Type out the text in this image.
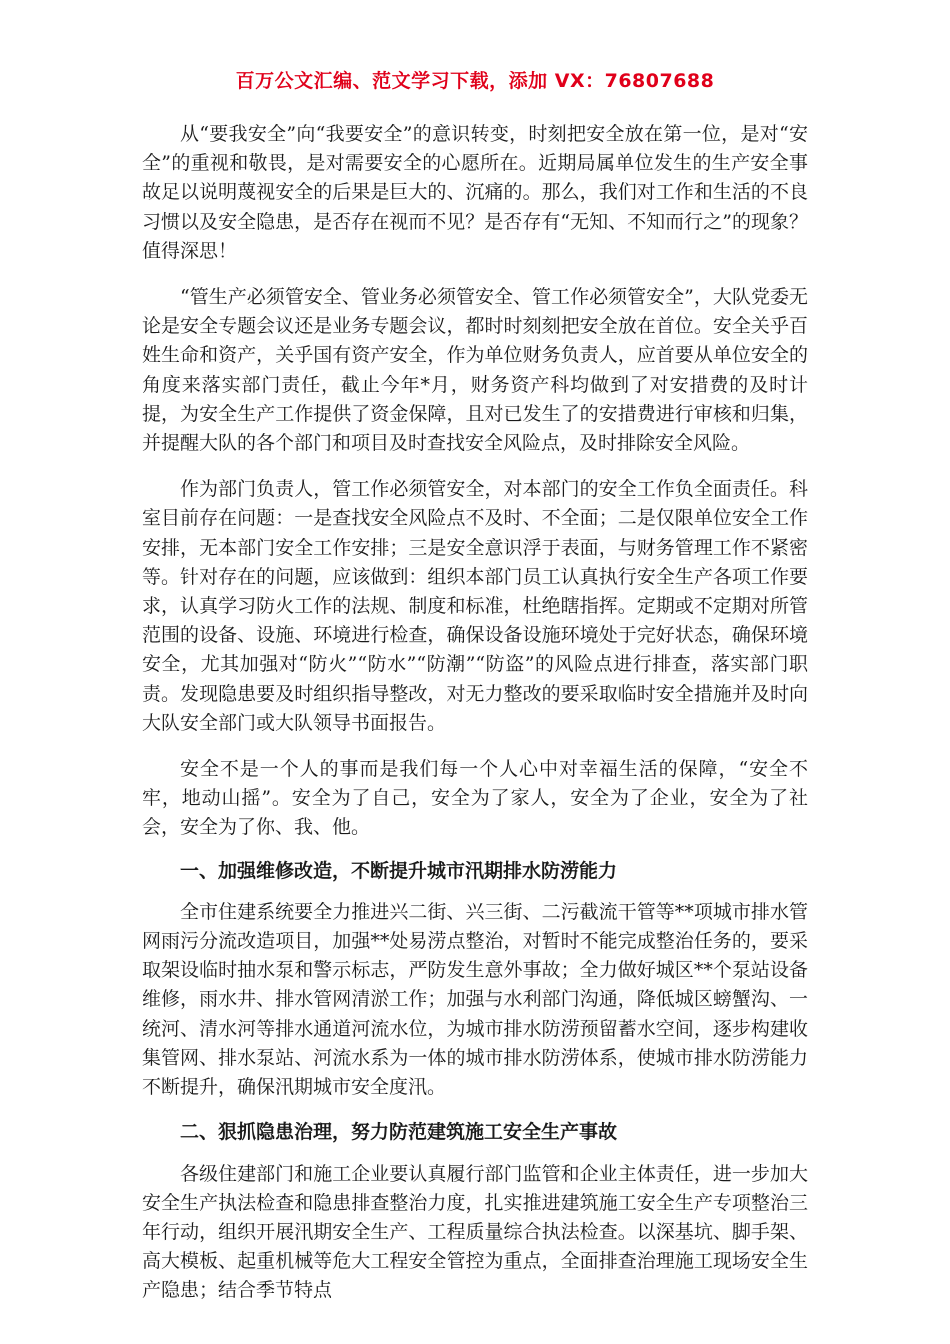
百万公文汇编、范文学习下载，添加 VX：76807688

从“要我安全”向“我要安全”的意识转变，时刻把安全放在第一位，是对“安全”的重视和敬畏，是对需要安全的心愿所在。近期局属单位发生的生产安全事故足以说明蔑视安全的后果是巨大的、沉痛的。那么，我们对工作和生活的不良习惯以及安全隐患，是否存在视而不见？是否存有“无知、不知而行之”的现象？值得深思！

“管生产必须管安全、管业务必须管安全、管工作必须管安全”，大队党委无论是安全专题会议还是业务专题会议，都时时刻刻把安全放在首位。安全关乎百姓生命和资产，关乎国有资产安全，作为单位财务负责人，应首要从单位安全的角度来落实部门责任，截止今年*月，财务资产科均做到了对安措费的及时计提，为安全生产工作提供了资金保障，且对已发生了的安措费进行审核和归集，并提醒大队的各个部门和项目及时查找安全风险点，及时排除安全风险。

作为部门负责人，管工作必须管安全，对本部门的安全工作负全面责任。科室目前存在问题：一是查找安全风险点不及时、不全面；二是仅限单位安全工作安排，无本部门安全工作安排；三是安全意识浮于表面，与财务管理工作不紧密等。针对存在的问题，应该做到：组织本部门员工认真执行安全生产各项工作要求，认真学习防火工作的法规、制度和标准，杜绝瞎指挥。定期或不定期对所管范围的设备、设施、环境进行检查，确保设备设施环境处于完好状态，确保环境安全，尤其加强对“防火”“防水”“防潮”“防盗”的风险点进行排查，落实部门职责。发现隐患要及时组织指导整改，对无力整改的要采取临时安全措施并及时向大队安全部门或大队领导书面报告。

安全不是一个人的事而是我们每一个人心中对幸福生活的保障，“安全不牢，地动山摇”。安全为了自己，安全为了家人，安全为了企业，安全为了社会，安全为了你、我、他。

一、加强维修改造，不断提升城市汛期排水防涝能力

全市住建系统要全力推进兴二街、兴三街、二污截流干管等**项城市排水管网雨污分流改造项目，加强**处易涝点整治，对暂时不能完成整治任务的，要采取架设临时抽水泵和警示标志，严防发生意外事故；全力做好城区**个泵站设备维修，雨水井、排水管网清淤工作；加强与水利部门沟通，降低城区螃蟹沟、一统河、清水河等排水通道河流水位，为城市排水防涝预留蓄水空间，逐步构建收集管网、排水泵站、河流水系为一体的城市排水防涝体系，使城市排水防涝能力不断提升，确保汛期城市安全度汛。

二、狠抓隐患治理，努力防范建筑施工安全生产事故

各级住建部门和施工企业要认真履行部门监管和企业主体责任，进一步加大安全生产执法检查和隐患排查整治力度，扎实推进建筑施工安全生产专项整治三年行动，组织开展汛期安全生产、工程质量综合执法检查。以深基坑、脚手架、高大模板、起重机械等危大工程安全管控为重点，全面排查治理施工现场安全生产隐患；结合季节特点
